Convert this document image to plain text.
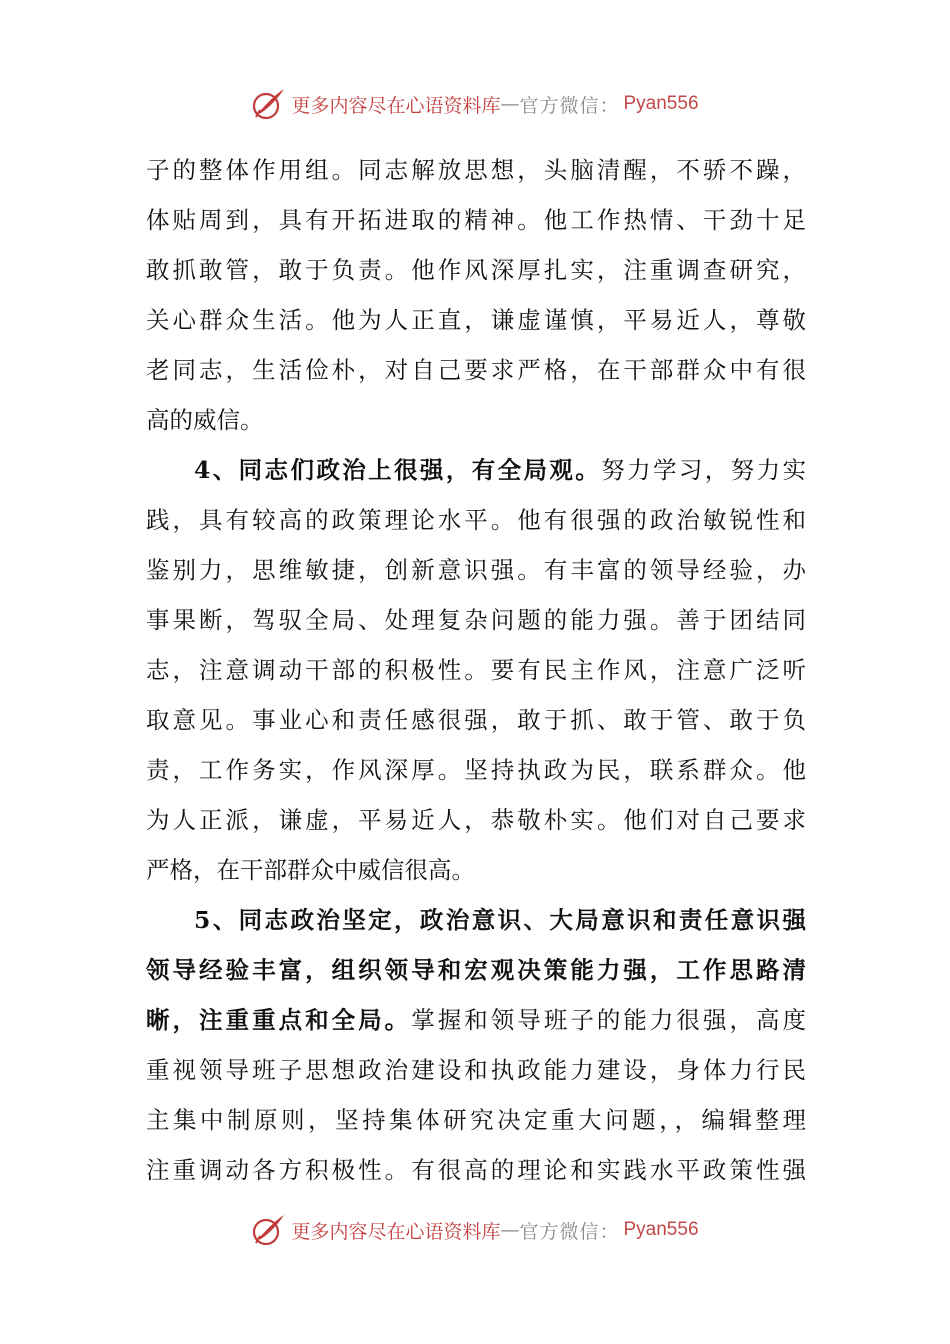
更多内容尽在心语资料库 — 官方微信： Pyan556
子的整体作用组。同志解放思想，头脑清醒，不骄不躁，
体贴周到，具有开拓进取的精神。他工作热情、干劲十足
敢抓敢管，敢于负责。他作风深厚扎实，注重调查研究，
关心群众生活。他为人正直，谦虚谨慎，平易近人，尊敬
老同志，生活俭朴，对自己要求严格，在干部群众中有很
高的威信。
4、同志们政治上很强，有全局观。努力学习，努力实
践，具有较高的政策理论水平。他有很强的政治敏锐性和
鉴别力，思维敏捷，创新意识强。有丰富的领导经验，办
事果断，驾驭全局、处理复杂问题的能力强。善于团结同
志，注意调动干部的积极性。要有民主作风，注意广泛听
取意见。事业心和责任感很强，敢于抓、敢于管、敢于负
责，工作务实，作风深厚。坚持执政为民，联系群众。他
为人正派，谦虚，平易近人，恭敬朴实。他们对自己要求
严格，在干部群众中威信很高。
5、同志政治坚定，政治意识、大局意识和责任意识强
领导经验丰富，组织领导和宏观决策能力强，工作思路清
晰，注重重点和全局。掌握和领导班子的能力很强，高度
重视领导班子思想政治建设和执政能力建设，身体力行民
主集中制原则，坚持集体研究决定重大问题，，编辑整理
注重调动各方积极性。有很高的理论和实践水平政策性强
更多内容尽在心语资料库 — 官方微信： Pyan556
